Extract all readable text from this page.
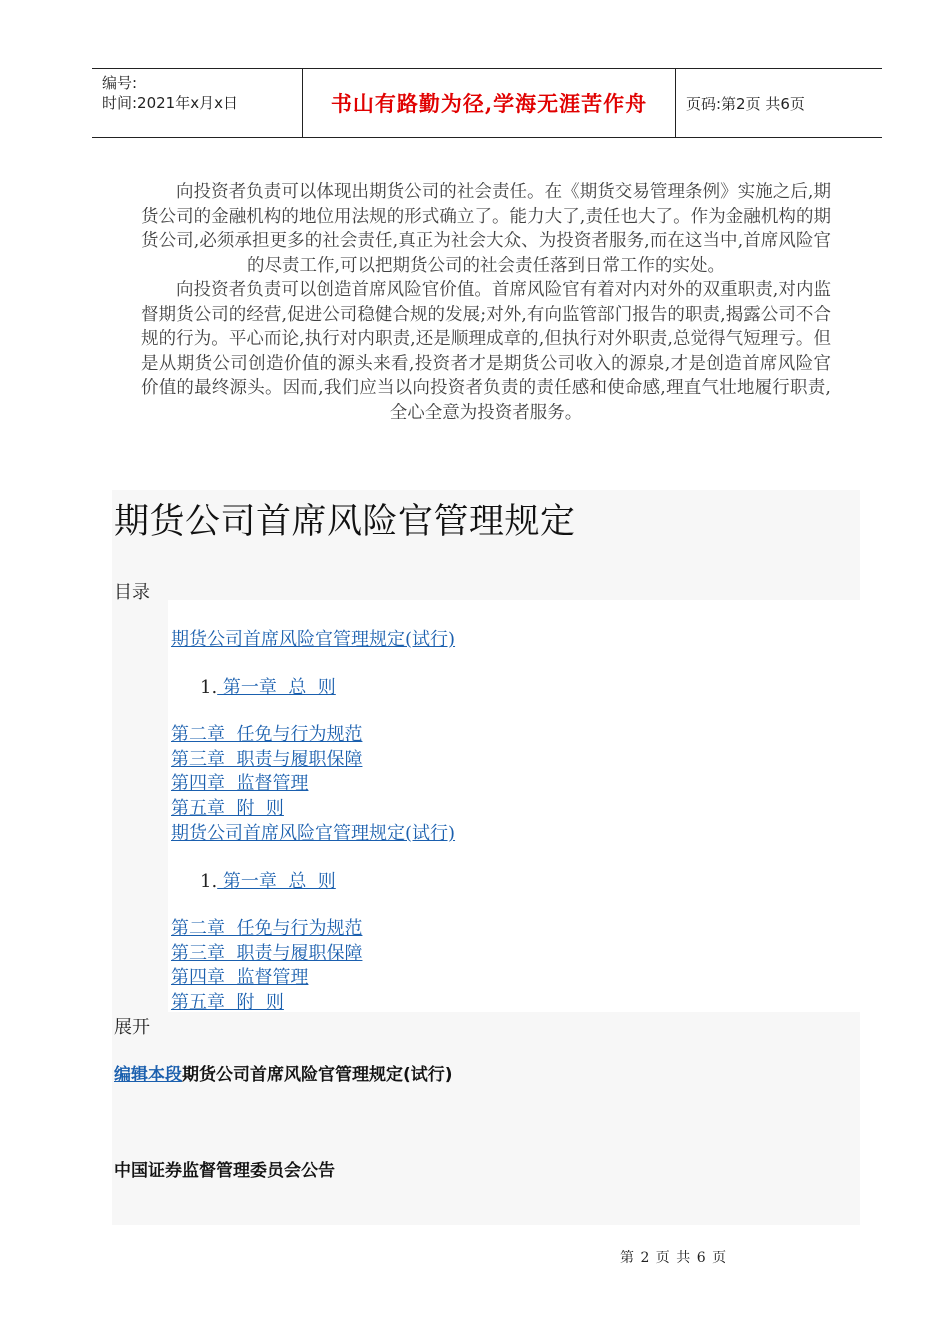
编号:
时间:2021年x月x日	书山有路勤为径,学海无涯苦作舟	页码:第2页 共6页

向投资者负责可以体现出期货公司的社会责任。在《期货交易管理条例》实施之后,期货公司的金融机构的地位用法规的形式确立了。能力大了,责任也大了。作为金融机构的期货公司,必须承担更多的社会责任,真正为社会大众、为投资者服务,而在这当中,首席风险官的尽责工作,可以把期货公司的社会责任落到日常工作的实处。

向投资者负责可以创造首席风险官价值。首席风险官有着对内对外的双重职责,对内监督期货公司的经营,促进公司稳健合规的发展;对外,有向监管部门报告的职责,揭露公司不合规的行为。平心而论,执行对内职责,还是顺理成章的,但执行对外职责,总觉得气短理亏。但是从期货公司创造价值的源头来看,投资者才是期货公司收入的源泉,才是创造首席风险官价值的最终源头。因而,我们应当以向投资者负责的责任感和使命感,理直气壮地履行职责,全心全意为投资者服务。

期货公司首席风险官管理规定
目录
期货公司首席风险官管理规定(试行)
1. 第一章  总  则
第二章  任免与行为规范
第三章  职责与履职保障
第四章  监督管理
第五章  附  则
期货公司首席风险官管理规定(试行)
1. 第一章  总  则
第二章  任免与行为规范
第三章  职责与履职保障
第四章  监督管理
第五章  附  则
展开
编辑本段期货公司首席风险官管理规定(试行)
中国证券监督管理委员会公告
第 2 页 共 6 页
